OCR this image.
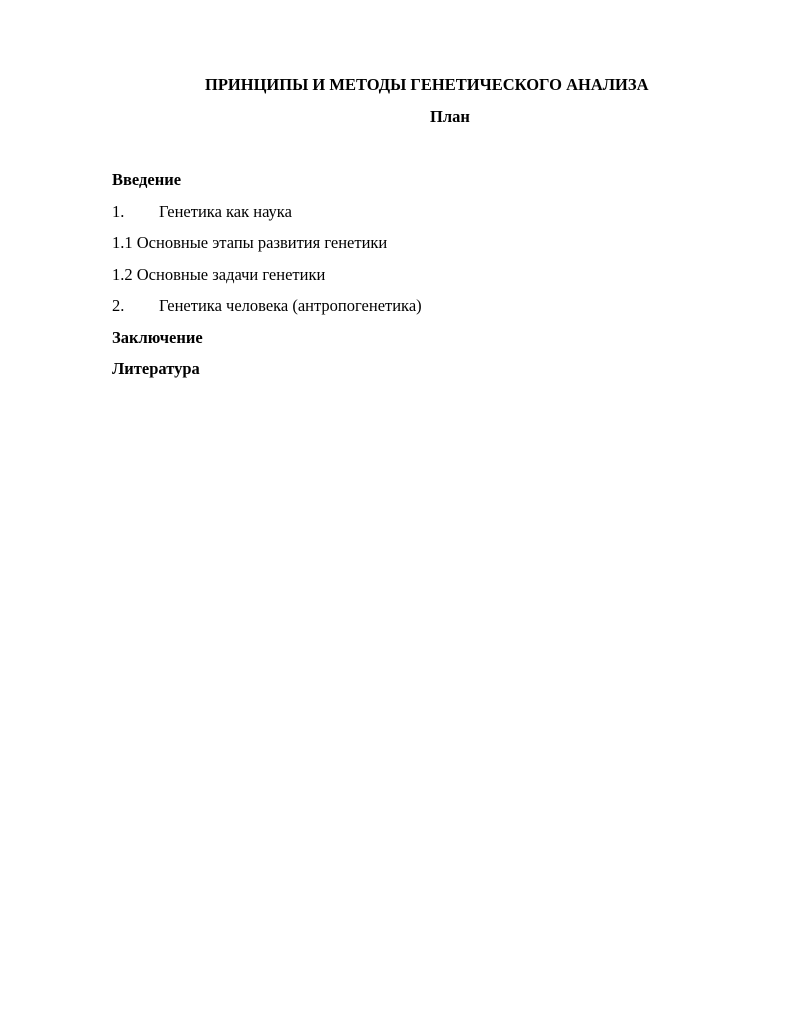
ПРИНЦИПЫ И МЕТОДЫ ГЕНЕТИЧЕСКОГО АНАЛИЗА
План
Введение
1. Генетика как наука
1.1 Основные этапы развития генетики
1.2 Основные задачи генетики
2. Генетика человека (антропогенетика)
Заключение
Литература
